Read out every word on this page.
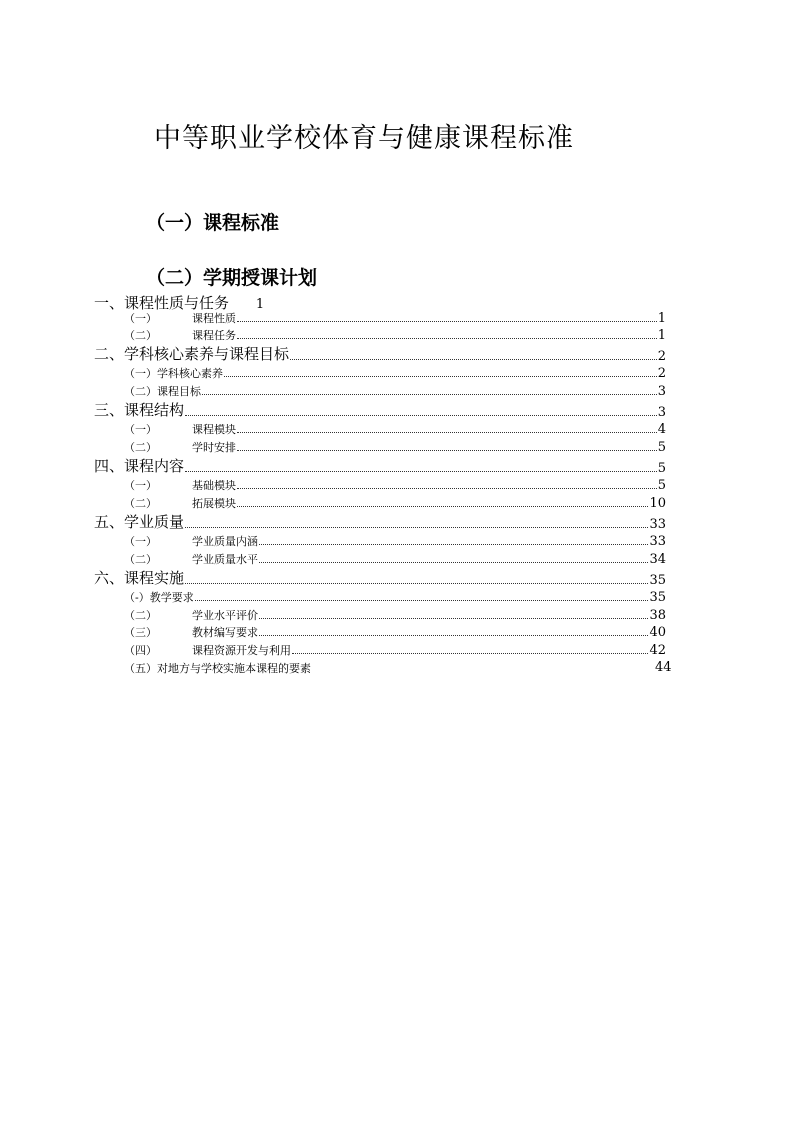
中等职业学校体育与健康课程标准
（一）课程标准
（二）学期授课计划
一、课程性质与任务 1
（一）	课程性质	1
（二）	课程任务	1
二、学科核心素养与课程目标	2
（一）学科核心素养	2
（二）课程目标	3
三、课程结构	3
（一）	课程模块	4
（二）	学时安排	5
四、课程内容	5
（一）	基础模块	5
（二）	拓展模块	10
五、学业质量	33
（一）	学业质量内涵	33
（二）	学业质量水平	34
六、课程实施	35
（-）教学要求	35
（二）	学业水平评价	38
（三）	教材编写要求	40
（四）	课程资源开发与利用	42
（五）对地方与学校实施本课程的要素	44
